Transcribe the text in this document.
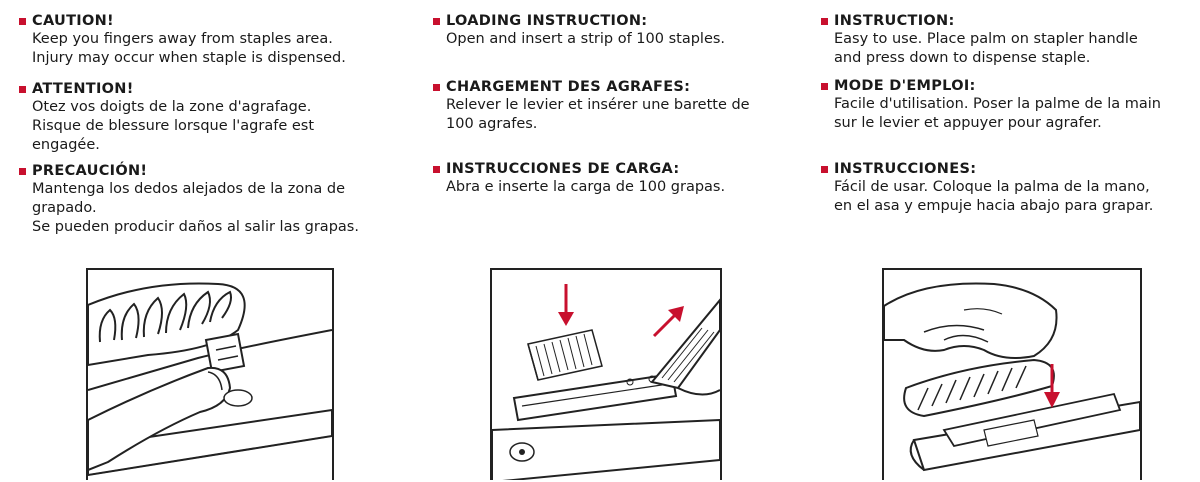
CAUTION!
Keep you fingers away from staples area.
Injury may occur when staple is dispensed.
ATTENTION!
Otez vos doigts de la zone d'agrafage.
Risque de blessure lorsque l'agrafe est
engagée.
PRECAUCIÓN!
Mantenga los dedos alejados de la zona de
grapado.
Se pueden producir daños al salir las grapas.
LOADING INSTRUCTION:
Open and insert a strip of 100 staples.
CHARGEMENT DES AGRAFES:
Relever le levier et insérer une barette de
100 agrafes.
INSTRUCCIONES DE CARGA:
Abra e inserte la carga de 100 grapas.
INSTRUCTION:
Easy to use. Place palm on stapler handle
and press down to dispense staple.
MODE D'EMPLOI:
Facile d'utilisation. Poser la palme de la main
sur le levier et appuyer pour agrafer.
INSTRUCCIONES:
Fácil de usar. Coloque la palma de la mano,
en el asa y empuje hacia abajo para grapar.
